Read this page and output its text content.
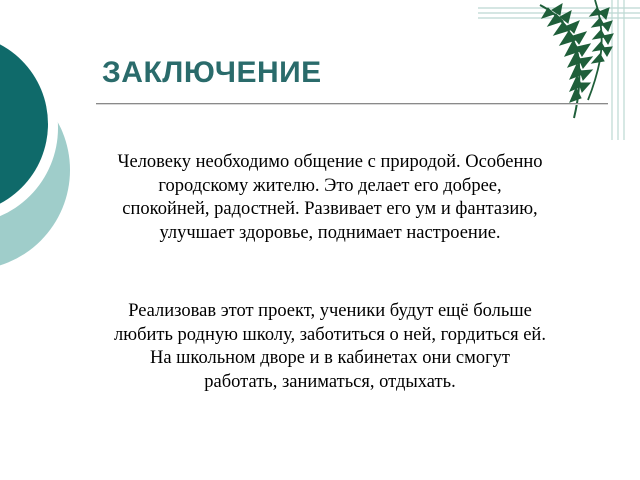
ЗАКЛЮЧЕНИЕ

Человеку необходимо общение с природой. Особенно городскому жителю. Это делает его добрее, спокойней, радостней. Развивает его ум и фантазию, улучшает здоровье, поднимает настроение.

Реализовав этот проект, ученики будут ещё больше любить родную школу, заботиться о ней, гордиться ей. На школьном дворе и в кабинетах они смогут работать, заниматься, отдыхать.
